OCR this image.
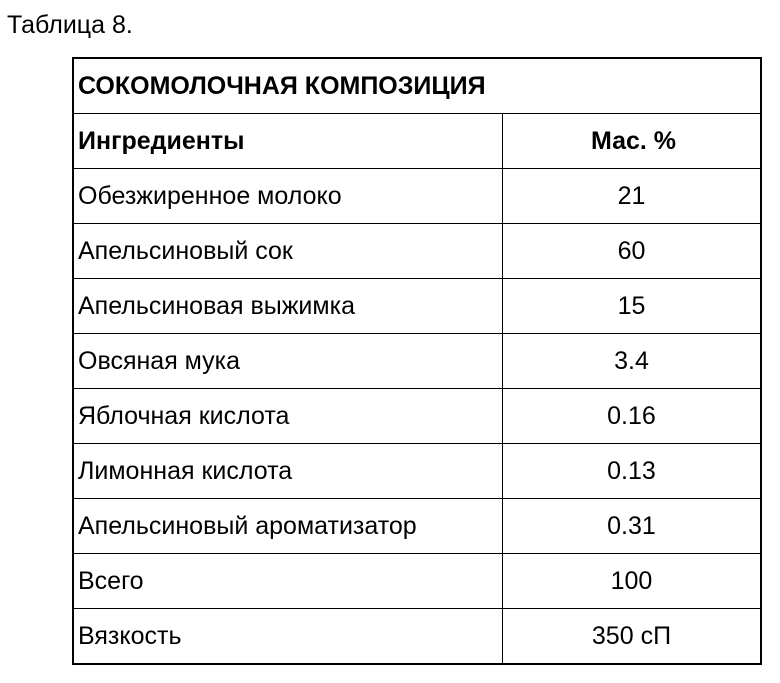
Таблица 8.
СОКОМОЛОЧНАЯ КОМПОЗИЦИЯ	
Ингредиенты	Мас. %
Обезжиренное молоко	21
Апельсиновый сок	60
Апельсиновая выжимка	15
Овсяная мука	3.4
Яблочная кислота	0.16
Лимонная кислота	0.13
Апельсиновый ароматизатор	0.31
Всего	100
Вязкость	350 сП
